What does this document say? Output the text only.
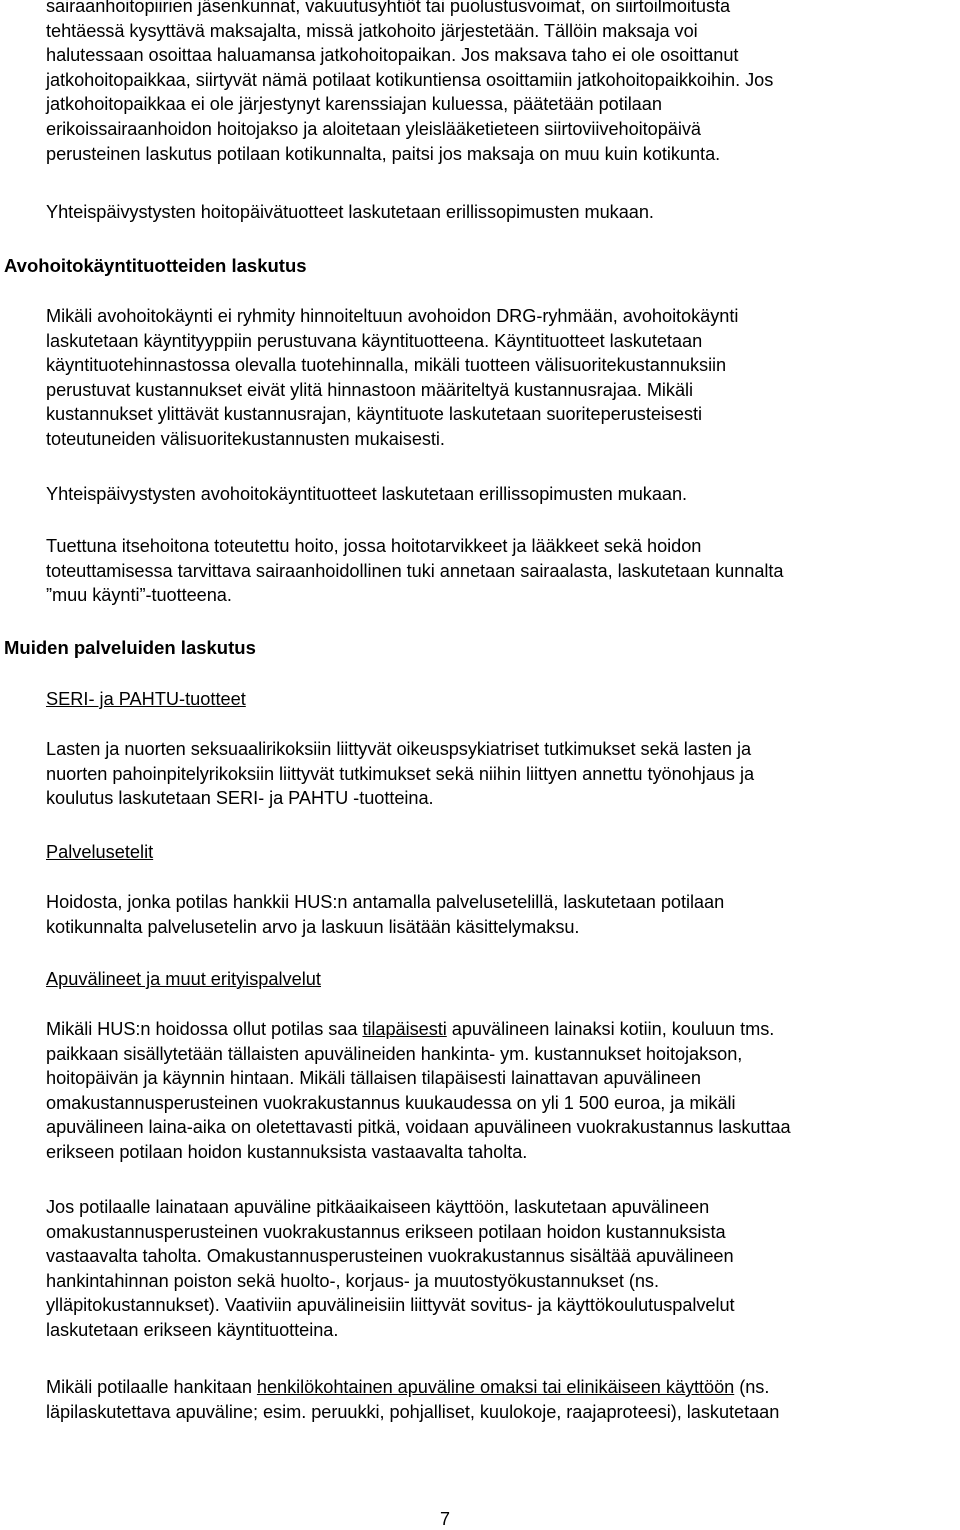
sairaanhoitopiirien jäsenkunnat, vakuutusyhtiöt tai puolustusvoimat, on siirtoilmoitusta
tehtäessä kysyttävä maksajalta, missä jatkohoito järjestetään. Tällöin maksaja voi
halutessaan osoittaa haluamansa jatkohoitopaikan. Jos maksava taho ei ole osoittanut
jatkohoitopaikkaa, siirtyvät nämä potilaat kotikuntiensa osoittamiin jatkohoitopaikkoihin. Jos
jatkohoitopaikkaa ei ole järjestynyt karenssiajan kuluessa, päätetään potilaan
erikoissairaanhoidon hoitojakso ja aloitetaan yleislääketieteen siirtoviivehoitopäivä
perusteinen laskutus potilaan kotikunnalta, paitsi jos maksaja on muu kuin kotikunta.
Yhteispäivystysten hoitopäivätuotteet laskutetaan erillissopimusten mukaan.
Avohoitokäyntituotteiden laskutus
Mikäli avohoitokäynti ei ryhmity hinnoiteltuun avohoidon DRG-ryhmään, avohoitokäynti
laskutetaan käyntityyppiin perustuvana käyntituotteena. Käyntituotteet laskutetaan
käyntituotehinnastossa olevalla tuotehinnalla, mikäli tuotteen välisuoritekustannuksiin
perustuvat kustannukset eivät ylitä hinnastoon määriteltyä kustannusrajaa. Mikäli
kustannukset ylittävät kustannusrajan, käyntituote laskutetaan suoriteperusteisesti
toteutuneiden välisuoritekustannusten mukaisesti.
Yhteispäivystysten avohoitokäyntituotteet laskutetaan erillissopimusten mukaan.
Tuettuna itsehoitona toteutettu hoito, jossa hoitotarvikkeet ja lääkkeet sekä hoidon
toteuttamisessa tarvittava sairaanhoidollinen tuki annetaan sairaalasta, laskutetaan kunnalta
”muu käynti”-tuotteena.
Muiden palveluiden laskutus
SERI- ja PAHTU-tuotteet
Lasten ja nuorten seksuaalirikoksiin liittyvät oikeuspsykiatriset tutkimukset sekä lasten ja
nuorten pahoinpitelyrikoksiin liittyvät tutkimukset sekä niihin liittyen annettu työnohjaus ja
koulutus laskutetaan SERI- ja PAHTU -tuotteina.
Palvelusetelit
Hoidosta, jonka potilas hankkii HUS:n antamalla palvelusetelillä, laskutetaan potilaan
kotikunnalta palvelusetelin arvo ja laskuun lisätään käsittelymaksu.
Apuvälineet ja muut erityispalvelut
Mikäli HUS:n hoidossa ollut potilas saa tilapäisesti apuvälineen lainaksi kotiin, kouluun tms.
paikkaan sisällytetään tällaisten apuvälineiden hankinta- ym. kustannukset hoitojakson,
hoitopäivän ja käynnin hintaan. Mikäli tällaisen tilapäisesti lainattavan apuvälineen
omakustannusperusteinen vuokrakustannus kuukaudessa on yli 1 500 euroa, ja mikäli
apuvälineen laina-aika on oletettavasti pitkä, voidaan apuvälineen vuokrakustannus laskuttaa
erikseen potilaan hoidon kustannuksista vastaavalta taholta.
Jos potilaalle lainataan apuväline pitkäaikaiseen käyttöön, laskutetaan apuvälineen
omakustannusperusteinen vuokrakustannus erikseen potilaan hoidon kustannuksista
vastaavalta taholta. Omakustannusperusteinen vuokrakustannus sisältää apuvälineen
hankintahinnan poiston sekä huolto-, korjaus- ja muutostyökustannukset (ns.
ylläpitokustannukset). Vaativiin apuvälineisiin liittyvät sovitus- ja käyttökoulutuspalvelut
laskutetaan erikseen käyntituotteina.
Mikäli potilaalle hankitaan henkilökohtainen apuväline omaksi tai elinikäiseen käyttöön (ns.
läpilaskutettava apuväline; esim. peruukki, pohjalliset, kuulokoje, raajaproteesi), laskutetaan
7
